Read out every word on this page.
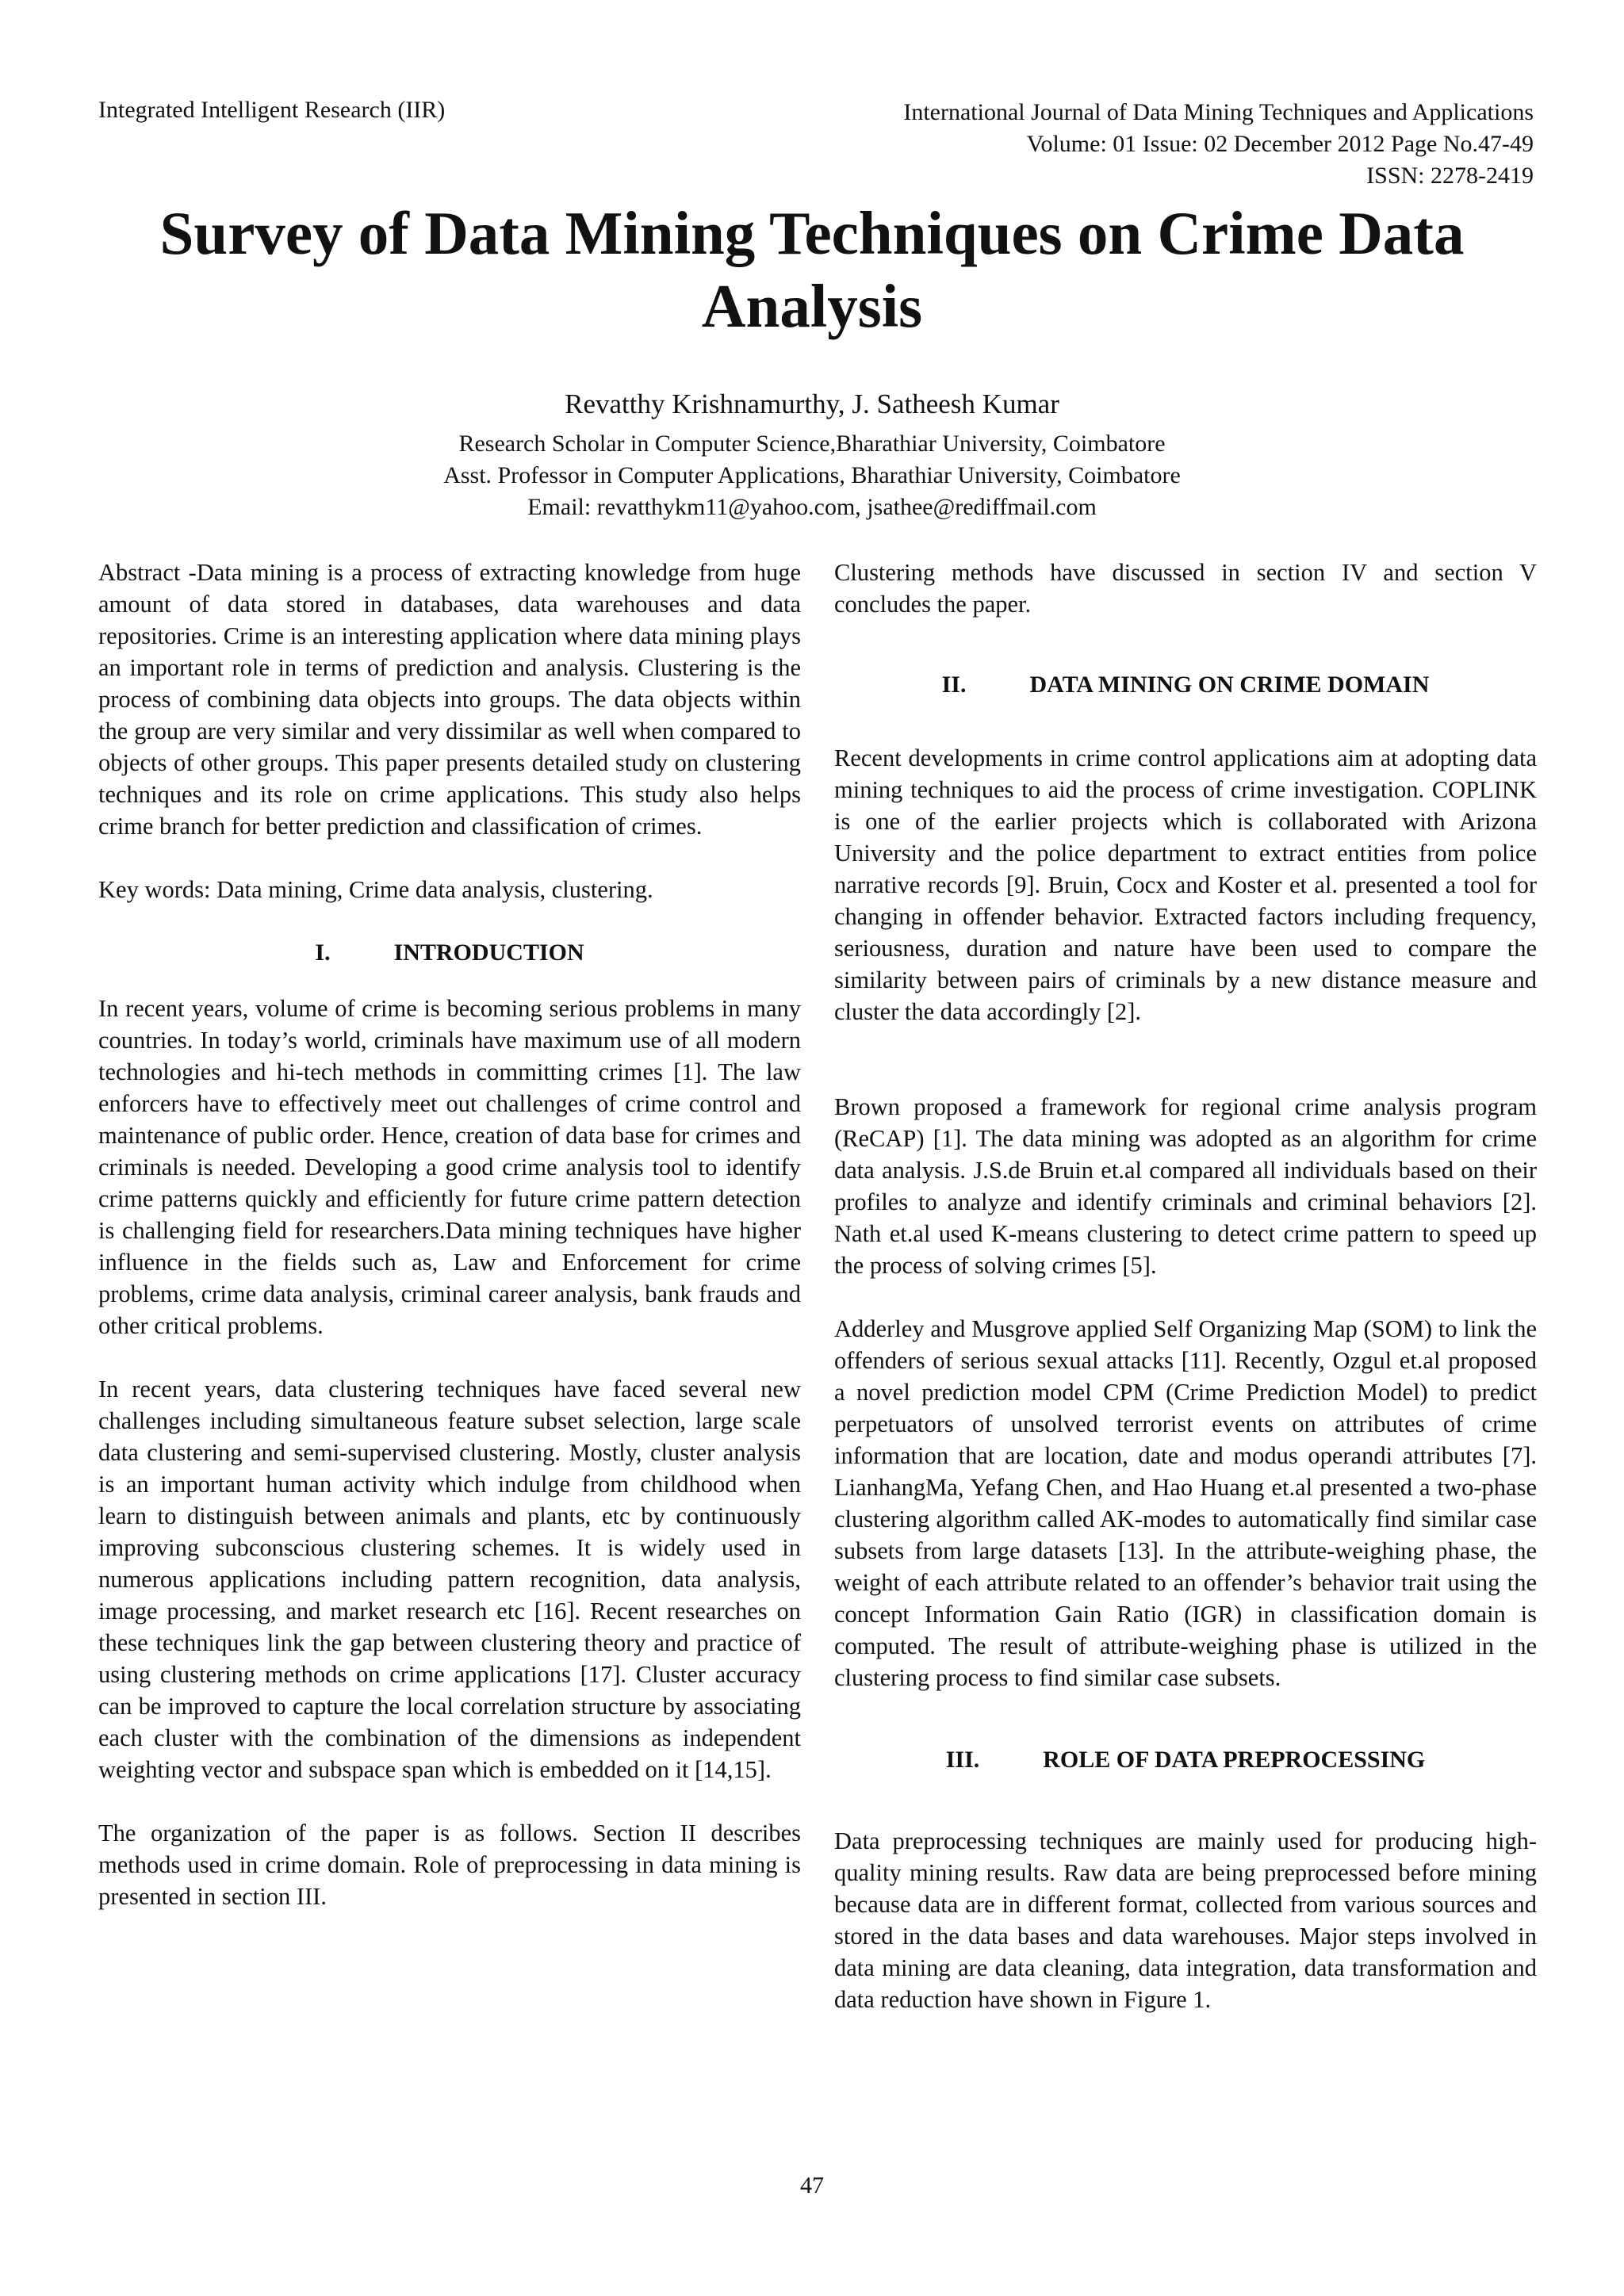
Integrated Intelligent Research (IIR)	International Journal of Data Mining Techniques and Applications
Volume: 01 Issue: 02 December 2012 Page No.47-49
ISSN: 2278-2419
Survey of Data Mining Techniques on Crime Data
Analysis
Revatthy Krishnamurthy, J. Satheesh Kumar
Research Scholar in Computer Science,Bharathiar University, Coimbatore
Asst. Professor in Computer Applications, Bharathiar University, Coimbatore
Email: revatthykm11@yahoo.com, jsathee@rediffmail.com

Abstract -Data mining is a process of extracting knowledge from huge amount of data stored in databases, data warehouses and data repositories. Crime is an interesting application where data mining plays an important role in terms of prediction and analysis. Clustering is the process of combining data objects into groups. The data objects within the group are very similar and very dissimilar as well when compared to objects of other groups. This paper presents detailed study on clustering techniques and its role on crime applications. This study also helps crime branch for better prediction and classification of crimes.

Key words: Data mining, Crime data analysis, clustering.

I.	INTRODUCTION

In recent years, volume of crime is becoming serious problems in many countries. In today’s world, criminals have maximum use of all modern technologies and hi-tech methods in committing crimes [1]. The law enforcers have to effectively meet out challenges of crime control and maintenance of public order. Hence, creation of data base for crimes and criminals is needed. Developing a good crime analysis tool to identify crime patterns quickly and efficiently for future crime pattern detection is challenging field for researchers.Data mining techniques have higher influence in the fields such as, Law and Enforcement for crime problems, crime data analysis, criminal career analysis, bank frauds and other critical problems.

In recent years, data clustering techniques have faced several new challenges including simultaneous feature subset selection, large scale data clustering and semi-supervised clustering. Mostly, cluster analysis is an important human activity which indulge from childhood when learn to distinguish between animals and plants, etc by continuously improving subconscious clustering schemes. It is widely used in numerous applications including pattern recognition, data analysis, image processing, and market research etc [16]. Recent researches on these techniques link the gap between clustering theory and practice of using clustering methods on crime applications [17]. Cluster accuracy can be improved to capture the local correlation structure by associating each cluster with the combination of the dimensions as independent weighting vector and subspace span which is embedded on it [14,15].

The organization of the paper is as follows. Section II describes methods used in crime domain. Role of preprocessing in data mining is presented in section III.

Clustering methods have discussed in section IV and section V concludes the paper.

II.	DATA MINING ON CRIME DOMAIN

Recent developments in crime control applications aim at adopting data mining techniques to aid the process of crime investigation. COPLINK is one of the earlier projects which is collaborated with Arizona University and the police department to extract entities from police narrative records [9]. Bruin, Cocx and Koster et al. presented a tool for changing in offender behavior. Extracted factors including frequency, seriousness, duration and nature have been used to compare the similarity between pairs of criminals by a new distance measure and cluster the data accordingly [2].

Brown proposed a framework for regional crime analysis program (ReCAP) [1]. The data mining was adopted as an algorithm for crime data analysis. J.S.de Bruin et.al compared all individuals based on their profiles to analyze and identify criminals and criminal behaviors [2]. Nath et.al used K-means clustering to detect crime pattern to speed up the process of solving crimes [5].

Adderley and Musgrove applied Self Organizing Map (SOM) to link the offenders of serious sexual attacks [11]. Recently, Ozgul et.al proposed a novel prediction model CPM (Crime Prediction Model) to predict perpetuators of unsolved terrorist events on attributes of crime information that are location, date and modus operandi attributes [7]. LianhangMa, Yefang Chen, and Hao Huang et.al presented a two-phase clustering algorithm called AK-modes to automatically find similar case subsets from large datasets [13]. In the attribute-weighing phase, the weight of each attribute related to an offender’s behavior trait using the concept Information Gain Ratio (IGR) in classification domain is computed. The result of attribute-weighing phase is utilized in the clustering process to find similar case subsets.

III.	ROLE OF DATA PREPROCESSING

Data preprocessing techniques are mainly used for producing high-quality mining results. Raw data are being preprocessed before mining because data are in different format, collected from various sources and stored in the data bases and data warehouses. Major steps involved in data mining are data cleaning, data integration, data transformation and data reduction have shown in Figure 1.

47
